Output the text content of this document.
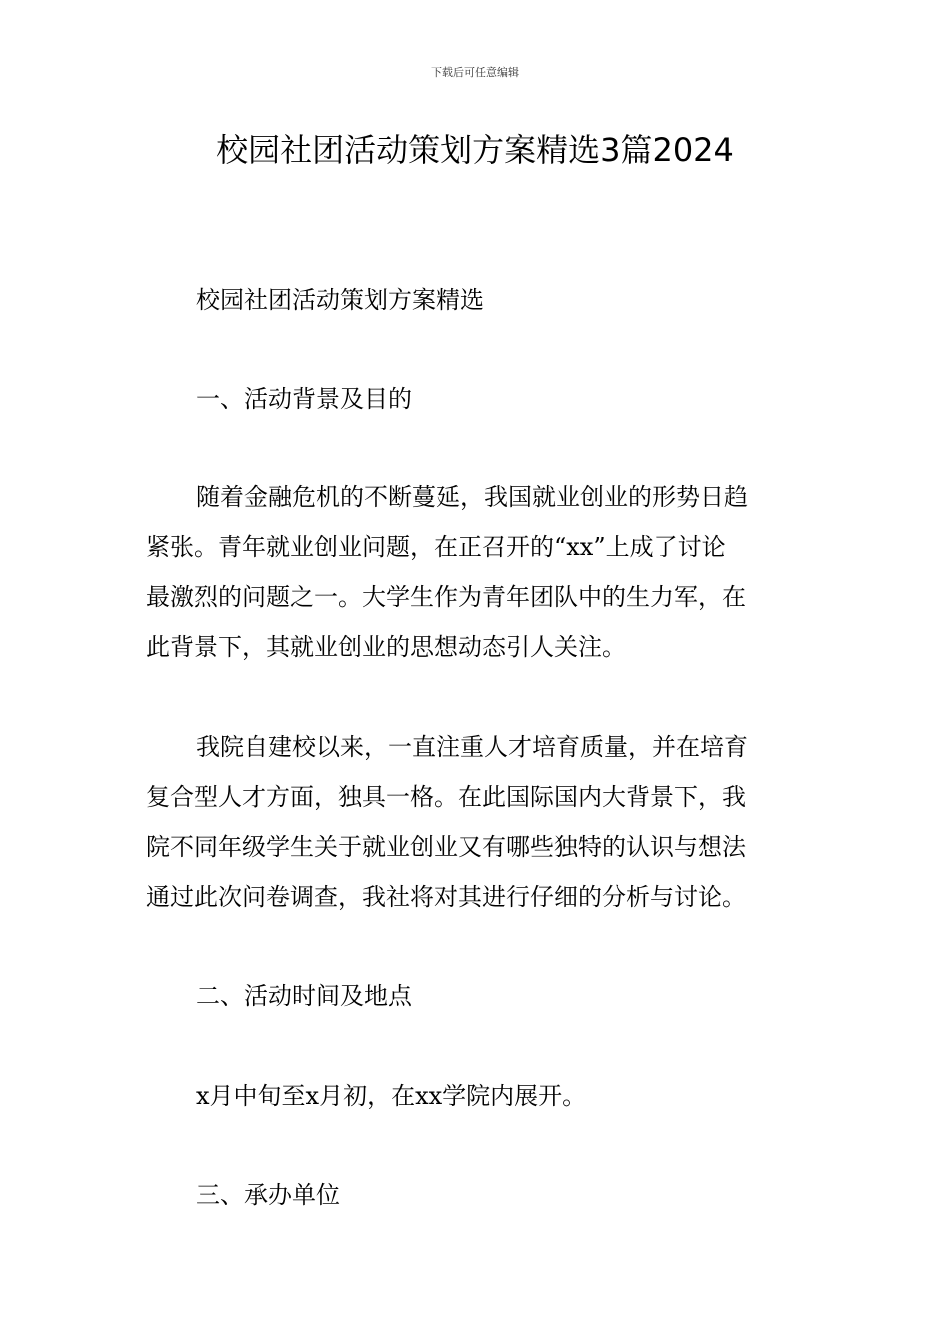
下载后可任意编辑
校园社团活动策划方案精选3篇2024
校园社团活动策划方案精选
一、活动背景及目的
随着金融危机的不断蔓延，我国就业创业的形势日趋
紧张。青年就业创业问题，在正召开的“xx”上成了讨论
最激烈的问题之一。大学生作为青年团队中的生力军，在
此背景下，其就业创业的思想动态引人关注。
我院自建校以来，一直注重人才培育质量，并在培育
复合型人才方面，独具一格。在此国际国内大背景下，我
院不同年级学生关于就业创业又有哪些独特的认识与想法
通过此次问卷调查，我社将对其进行仔细的分析与讨论。
二、活动时间及地点
x月中旬至x月初，在xx学院内展开。
三、承办单位
